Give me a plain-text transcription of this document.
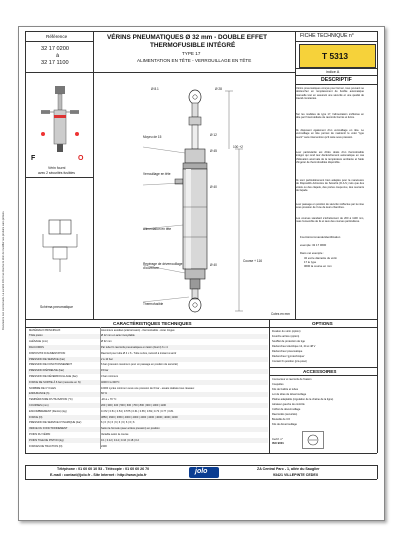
Documents non contractuels. La société JOLO se réserve le droit de modifier ses produits sans préavis.
Référence
32 17 0200
à
32 17 1100
VÉRINS PNEUMATIQUES Ø 32 mm - DOUBLE EFFET
THERMOFUSIBLE INTÉGRÉ
TYPE 17
ALIMENTATION EN TÊTE - VERROUILLAGE EN TÊTE
FICHE TECHNIQUE n°
T 5313
indice A
DESCRIPTIF
F	O
Vérin fourni
avec 2 sécurités fusibles
Schéma pneumatique
Ø 8.1	Ø 28
Moyeu de 15	Ø 12
100 +2
Ø 45
Verrouillage en tête
Ø 40
Alimentation en tête
Course + 116
Ø 40
Repérage de déverrouillage d'ouverture
Thermofusible
Cotes en mm
Vérins pneumatiques conçus pour fermer, tous pouvant se déclencher en remplacement de fusible automatique manuelle tout en assurant une sécurité et une qualité de travail constantes.
Sur les modèles de type 17, l'alimentation s'effectue en tête par l'intermédiaire de raccords fournis et livrés.
Ils disposent également d'un verrouillage en tête. Le verrouillage en tête permet de maintenir le volet "type ouvrir" sans intervention qu'il reste sous pression.
Leur particularité est d'être dotés d'un thermofusible intégré qui rend leur déclenchement automatique en cas d'élévation anormale de la température ambiante et l'aide d'ingérer de thermofusibles disponible.
Ils sont particulièrement bien adaptés pour la manœuvre de Dispositifs Actionnés de Sécurité (D.A.S.) tels que des volets ou des clapets, des portes coupe-feu, des ouvrants de façade.
Leur passage en position de sécurité s'effectue par la mise sous pression de l'une de leurs chambres.
Les courses standard s'échelonnent de 200 à 1100 mm, mais l'ensemble de ils et taux des courses particulières.
Fournis/commande/identification
exemple: 32 17 0600
Dans cet exemple :
32 est le diamètre du vérin
17 le type
0600 la course en mm
CARACTÉRISTIQUES TECHNIQUES
MATÉRIAUX PRINCIPAUX	Aluminium anodisé (anticorrosion) - thermofusible - Acier zingué
TIGE piston	Ø 12 mm en acier inoxydable
ALÉSAGE (mm)	Ø 32 mm
RACCORDS	Par tube fin raccords pneumatiques en laiton (fourni) 6 x 4
DISPOSITIF D'ALIMENTATION	Raccord pour tube Ø 4 x 6 - Tube à clés, raccord à instant à sertir
PRESSION DE SERVICE (bar)	2 à 10 bar
PRESSION DE FONCTIONNEMENT	6 bar (pression maximum pour un passage en position de sécurité)
PRESSION D'ÉPREUVE (bar)	15 bar
PRESSION DE DÉVERROUILLAGE (bar)	3 bar minimum
FORCE DE SORTIE À 6 bar (mesurée en N)	4000 N à 300°C
NOMBRE DE CYCLES	10000 cycles minimum sous une pression de 6 bar - essais réalisés tous réseaux
ENDURANCE (h)	60 %
TEMPÉRATURE D'UTILISATION (°C)	-20 à + 70 °C
COURSES (mm)	200 | 300 | 400 | 500 | 600 | 700 | 800 | 900 | 1000 | 1100
ENCOMBREMENT (Rentré) (kg)	0.472 | 0.51 | 0.54 | 0.575 | 0.61 | 0.65 | 0.69 | 0.73 | 0.77 | 0.81
FORCE (N)	3850 | 3900 | 3950 | 4000 | 4000 | 4000 | 4000 | 4000 | 4000 | 4000
PRESSION DE SERVICE DYNAMIQUE (bar)	6 | 6 | 6 | 6 | 6 | 6 | 6 | 6 | 6 | 6
INDICE DU FONCTIONNEMENT	Selon la formule (avec arrière pression) en position
POIDS DU VÉRIN	Variable selon la course
POIDS TIGE DE PISTON (kg)	0.1 | 0.12 | 0.14 | 0.16 | 0.18 | 0.2
FORCES DE TRACTION (N)	2400
OPTIONS
Fixation du vérin (option)
Fourche arrière (option)
Soufflet de protection de tige
Déclencheur électrique 12, 24 et 48 V
Déclencheur pneumatique
Déclencheur 'gyrotechnique'
Contact fin position (pré-posé)
ACCESSOIRES
Connecteur et raccords de fixation
Coupelles
Kits de fusible et tubes
Lot de têtes de déverrouillage
Platine adaptable (régulation de la chaîne de la ligne)
Aérateur gauche de contrôle
Coffret de déverrouillage
Raccordés (sécurités)
Bouteille de CO
Kits de déverrouillage
Certif. n°
ISO 9001
Téléphone : 01 60 60 10 53 - Télécopie : 01 60 60 26 70
E-mail : contact@jolo.fr - Site Internet : http://www.jolo.fr	jolo	ZA Central Parc - 1, allée du Sauglier
93421 VILLEPINTE CEDEX
